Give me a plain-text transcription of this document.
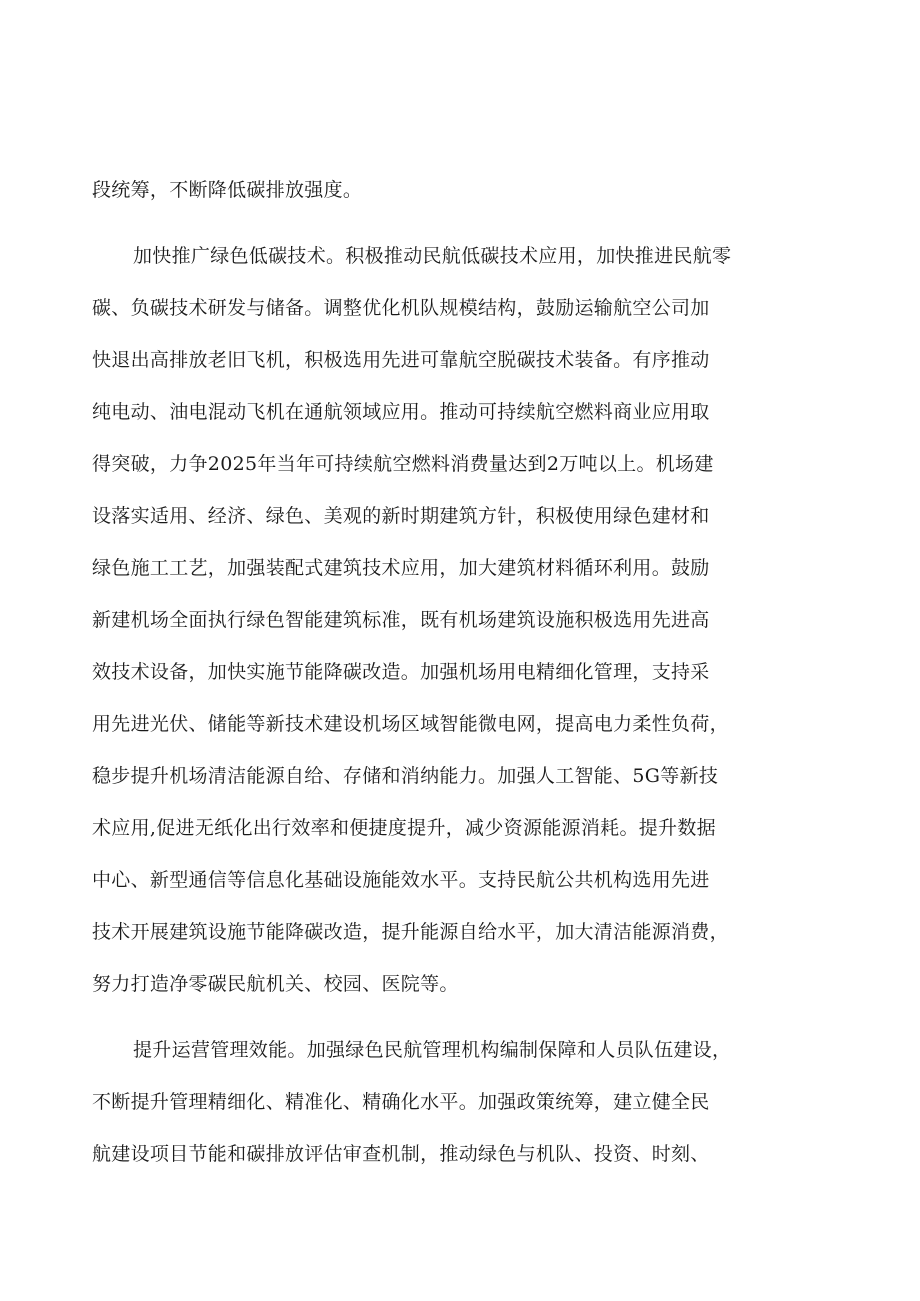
段统筹，不断降低碳排放强度。
加快推广绿色低碳技术。积极推动民航低碳技术应用，加快推进民航零
碳、负碳技术研发与储备。调整优化机队规模结构，鼓励运输航空公司加
快退出高排放老旧飞机，积极选用先进可靠航空脱碳技术装备。有序推动
纯电动、油电混动飞机在通航领域应用。推动可持续航空燃料商业应用取
得突破，力争2025年当年可持续航空燃料消费量达到2万吨以上。机场建
设落实适用、经济、绿色、美观的新时期建筑方针，积极使用绿色建材和
绿色施工工艺，加强装配式建筑技术应用，加大建筑材料循环利用。鼓励
新建机场全面执行绿色智能建筑标准，既有机场建筑设施积极选用先进高
效技术设备，加快实施节能降碳改造。加强机场用电精细化管理，支持采
用先进光伏、储能等新技术建设机场区域智能微电网，提高电力柔性负荷，
稳步提升机场清洁能源自给、存储和消纳能力。加强人工智能、5G等新技
术应用,促进无纸化出行效率和便捷度提升，减少资源能源消耗。提升数据
中心、新型通信等信息化基础设施能效水平。支持民航公共机构选用先进
技术开展建筑设施节能降碳改造，提升能源自给水平，加大清洁能源消费，
努力打造净零碳民航机关、校园、医院等。
提升运营管理效能。加强绿色民航管理机构编制保障和人员队伍建设，
不断提升管理精细化、精准化、精确化水平。加强政策统筹，建立健全民
航建设项目节能和碳排放评估审查机制，推动绿色与机队、投资、时刻、
